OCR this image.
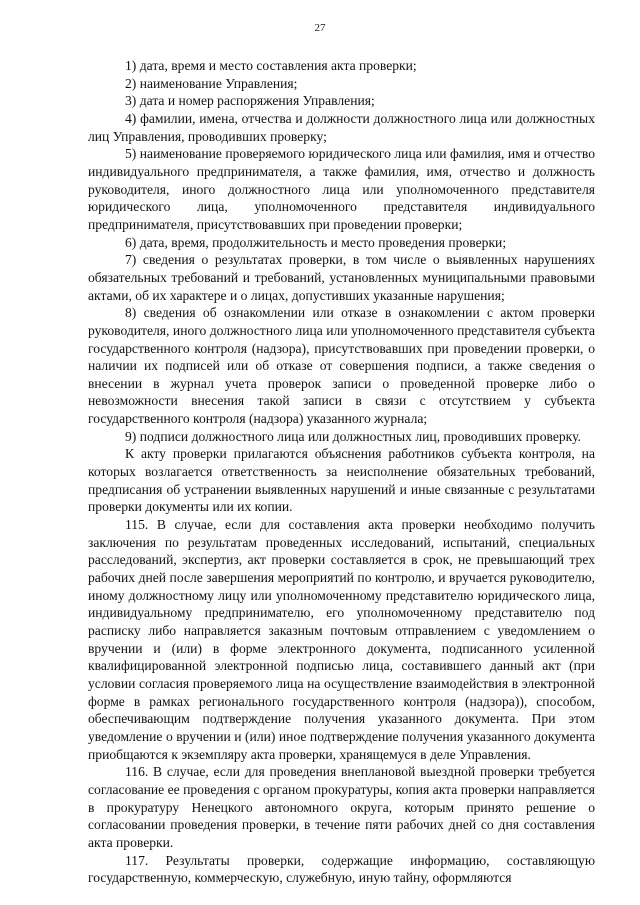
27

1) дата, время и место составления акта проверки;

2) наименование Управления;

3) дата и номер распоряжения Управления;

4) фамилии, имена, отчества и должности должностного лица или должностных лиц Управления, проводивших проверку;

5) наименование проверяемого юридического лица или фамилия, имя и отчество индивидуального предпринимателя, а также фамилия, имя, отчество и должность руководителя, иного должностного лица или уполномоченного представителя юридического лица, уполномоченного представителя индивидуального предпринимателя, присутствовавших при проведении проверки;

6) дата, время, продолжительность и место проведения проверки;

7) сведения о результатах проверки, в том числе о выявленных нарушениях обязательных требований и требований, установленных муниципальными правовыми актами, об их характере и о лицах, допустивших указанные нарушения;

8) сведения об ознакомлении или отказе в ознакомлении с актом проверки руководителя, иного должностного лица или уполномоченного представителя субъекта государственного контроля (надзора), присутствовавших при проведении проверки, о наличии их подписей или об отказе от совершения подписи, а также сведения о внесении в журнал учета проверок записи о проведенной проверке либо о невозможности внесения такой записи в связи с отсутствием у субъекта государственного контроля (надзора) указанного журнала;

9) подписи должностного лица или должностных лиц, проводивших проверку.

К акту проверки прилагаются объяснения работников субъекта контроля, на которых возлагается ответственность за неисполнение обязательных требований, предписания об устранении выявленных нарушений и иные связанные с результатами проверки документы или их копии.

115. В случае, если для составления акта проверки необходимо получить заключения по результатам проведенных исследований, испытаний, специальных расследований, экспертиз, акт проверки составляется в срок, не превышающий трех рабочих дней после завершения мероприятий по контролю, и вручается руководителю, иному должностному лицу или уполномоченному представителю юридического лица, индивидуальному предпринимателю, его уполномоченному представителю под расписку либо направляется заказным почтовым отправлением с уведомлением о вручении и (или) в форме электронного документа, подписанного усиленной квалифицированной электронной подписью лица, составившего данный акт (при условии согласия проверяемого лица на осуществление взаимодействия в электронной форме в рамках регионального государственного контроля (надзора)), способом, обеспечивающим подтверждение получения указанного документа. При этом уведомление о вручении и (или) иное подтверждение получения указанного документа приобщаются к экземпляру акта проверки, хранящемуся в деле Управления.

116. В случае, если для проведения внеплановой выездной проверки требуется согласование ее проведения с органом прокуратуры, копия акта проверки направляется в прокуратуру Ненецкого автономного округа, которым принято решение о согласовании проведения проверки, в течение пяти рабочих дней со дня составления акта проверки.

117. Результаты проверки, содержащие информацию, составляющую государственную, коммерческую, служебную, иную тайну, оформляются
